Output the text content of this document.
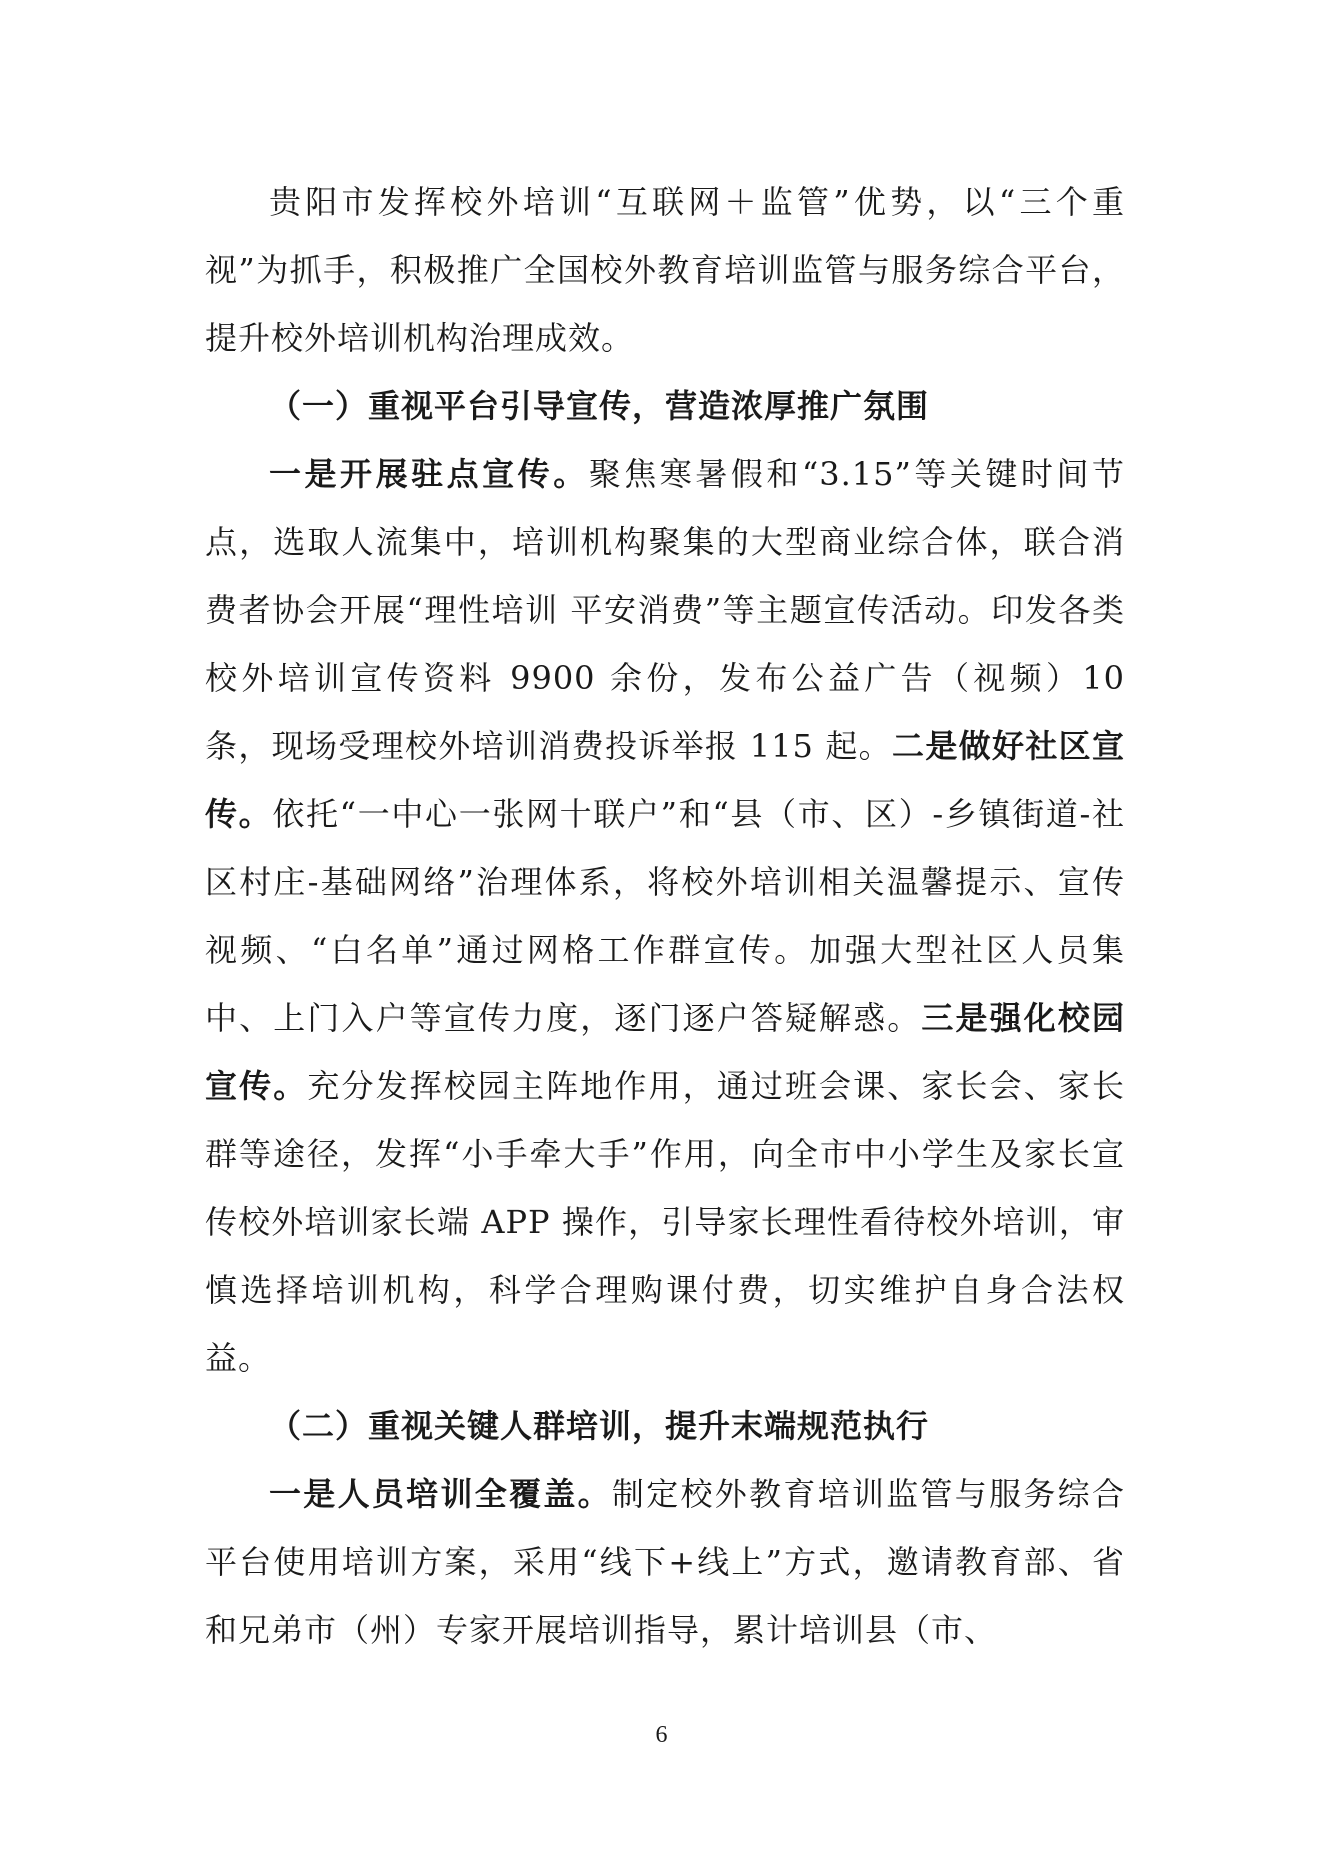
贵阳市发挥校外培训“互联网＋监管”优势，以“三个重视”为抓手，积极推广全国校外教育培训监管与服务综合平台，提升校外培训机构治理成效。

（一）重视平台引导宣传，营造浓厚推广氛围

一是开展驻点宣传。聚焦寒暑假和“3.15”等关键时间节点，选取人流集中，培训机构聚集的大型商业综合体，联合消费者协会开展“理性培训 平安消费”等主题宣传活动。印发各类校外培训宣传资料 9900 余份，发布公益广告（视频）10 条，现场受理校外培训消费投诉举报 115 起。二是做好社区宣传。依托“一中心一张网十联户”和“县（市、区）-乡镇街道-社区村庄-基础网络”治理体系，将校外培训相关温馨提示、宣传视频、“白名单”通过网格工作群宣传。加强大型社区人员集中、上门入户等宣传力度，逐门逐户答疑解惑。三是强化校园宣传。充分发挥校园主阵地作用，通过班会课、家长会、家长群等途径，发挥“小手牵大手”作用，向全市中小学生及家长宣传校外培训家长端 APP 操作，引导家长理性看待校外培训，审慎选择培训机构，科学合理购课付费，切实维护自身合法权益。

（二）重视关键人群培训，提升末端规范执行

一是人员培训全覆盖。制定校外教育培训监管与服务综合平台使用培训方案，采用“线下+线上”方式，邀请教育部、省和兄弟市（州）专家开展培训指导，累计培训县（市、

6
